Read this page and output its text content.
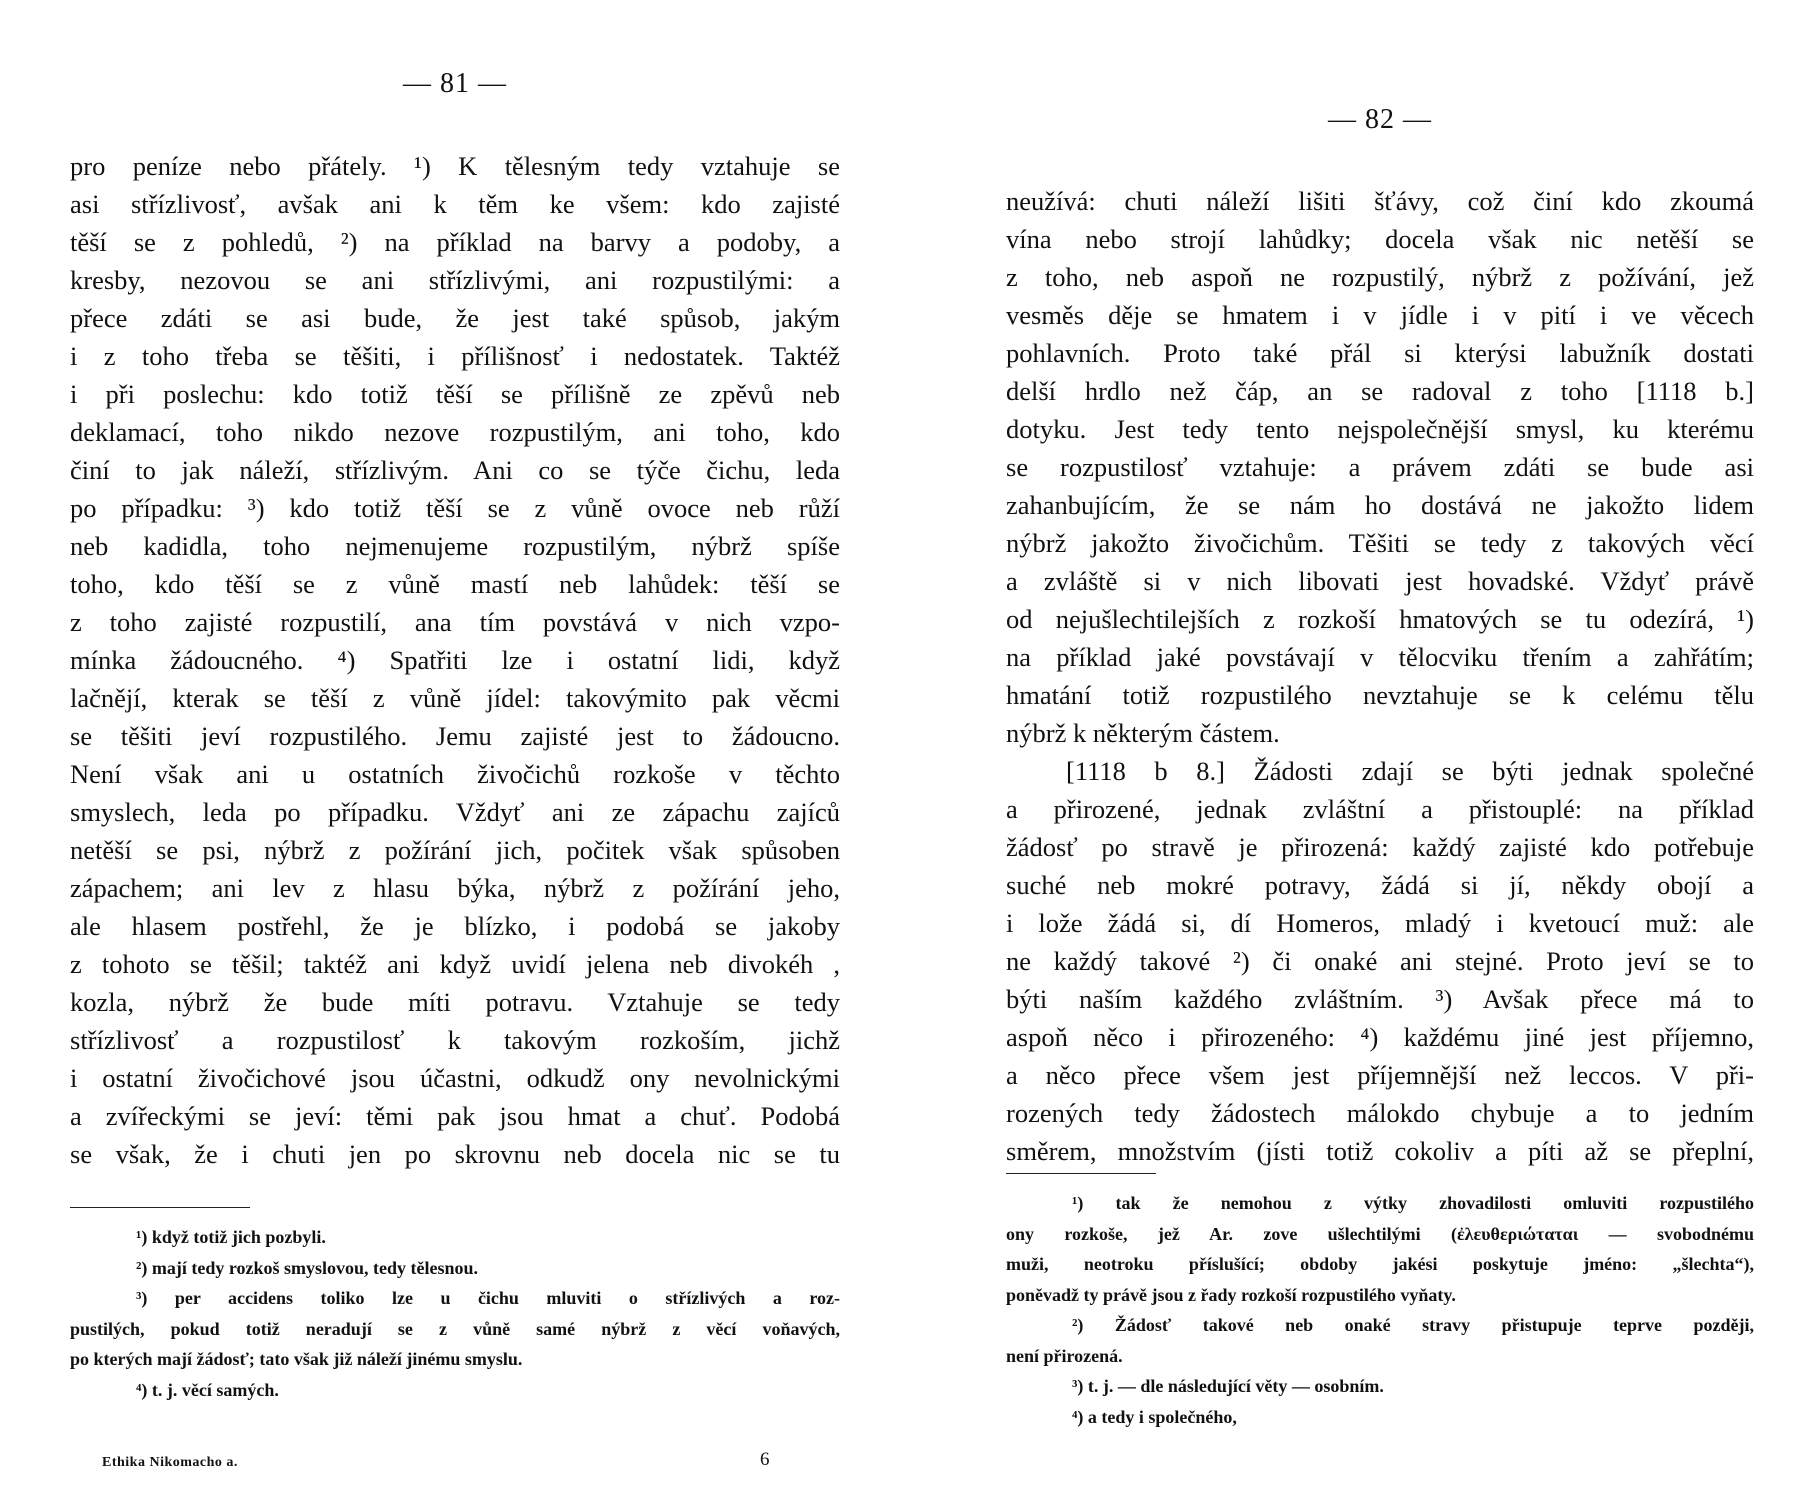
— 81 —
pro peníze nebo přátely. ¹) K tělesným tedy vztahuje se
asi střízlivosť, avšak ani k těm ke všem: kdo zajisté
těší se z pohledů, ²) na příklad na barvy a podoby, a
kresby, nezovou se ani střízlivými, ani rozpustilými: a
přece zdáti se asi bude, že jest také spůsob, jakým
i z toho třeba se těšiti, i přílišnosť i nedostatek. Taktéž
i při poslechu: kdo totiž těší se přílišně ze zpěvů neb
deklamací, toho nikdo nezove rozpustilým, ani toho, kdo
činí to jak náleží, střízlivým. Ani co se týče čichu, leda
po případku: ³) kdo totiž těší se z vůně ovoce neb růží
neb kadidla, toho nejmenujeme rozpustilým, nýbrž spíše
toho, kdo těší se z vůně mastí neb lahůdek: těší se
z toho zajisté rozpustilí, ana tím povstává v nich vzpo-
mínka žádoucného. ⁴) Spatřiti lze i ostatní lidi, když
lačnějí, kterak se těší z vůně jídel: takovýmito pak věcmi
se těšiti jeví rozpustilého. Jemu zajisté jest to žádoucno.
Není však ani u ostatních živočichů rozkoše v těchto
smyslech, leda po případku. Vždyť ani ze zápachu zajíců
netěší se psi, nýbrž z požírání jich, počitek však spůsoben
zápachem; ani lev z hlasu býka, nýbrž z požírání jeho,
ale hlasem postřehl, že je blízko, i podobá se jakoby
z tohoto se těšil; taktéž ani když uvidí jelena neb divokéh ,
kozla, nýbrž že bude míti potravu. Vztahuje se tedy
střízlivosť a rozpustilosť k takovým rozkoším, jichž
i ostatní živočichové jsou účastni, odkudž ony nevolnickými
a zvířeckými se jeví: těmi pak jsou hmat a chuť. Podobá
se však, že i chuti jen po skrovnu neb docela nic se tu
¹) když totiž jich pozbyli.
²) mají tedy rozkoš smyslovou, tedy tělesnou.
³) per accidens toliko lze u čichu mluviti o střízlivých a roz-
pustilých, pokud totiž neradují se z vůně samé nýbrž z věcí voňavých,
po kterých mají žádosť; tato však již náleží jinému smyslu.
⁴) t. j. věcí samých.
Ethika Nikomacho a.	6
— 82 —
neužívá: chuti náleží lišiti šťávy, což činí kdo zkoumá
vína nebo strojí lahůdky; docela však nic netěší se
z toho, neb aspoň ne rozpustilý, nýbrž z požívání, jež
vesměs děje se hmatem i v jídle i v pití i ve věcech
pohlavních. Proto také přál si kterýsi labužník dostati
delší hrdlo než čáp, an se radoval z toho [1118 b.]
dotyku. Jest tedy tento nejspolečnější smysl, ku kterému
se rozpustilosť vztahuje: a právem zdáti se bude asi
zahanbujícím, že se nám ho dostává ne jakožto lidem
nýbrž jakožto živočichům. Těšiti se tedy z takových věcí
a zvláště si v nich libovati jest hovadské. Vždyť právě
od nejušlechtilejších z rozkoší hmatových se tu odezírá, ¹)
na příklad jaké povstávají v tělocviku třením a zahřátím;
hmatání totiž rozpustilého nevztahuje se k celému tělu
nýbrž k některým částem.
[1118 b 8.] Žádosti zdají se býti jednak společné
a přirozené, jednak zvláštní a přistouplé: na příklad
žádosť po stravě je přirozená: každý zajisté kdo potřebuje
suché neb mokré potravy, žádá si jí, někdy obojí a
i lože žádá si, dí Homeros, mladý i kvetoucí muž: ale
ne každý takové ²) či onaké ani stejné. Proto jeví se to
býti naším každého zvláštním. ³) Avšak přece má to
aspoň něco i přirozeného: ⁴) každému jiné jest příjemno,
a něco přece všem jest příjemnější než leccos. V při-
rozených tedy žádostech málokdo chybuje a to jedním
směrem, množstvím (jísti totiž cokoliv a píti až se přeplní,
¹) tak že nemohou z výtky zhovadilosti omluviti rozpustilého
ony rozkoše, jež Ar. zove ušlechtilými (ἐλευθεριώταται — svobodnému
muži, neotroku příslušící; obdoby jakési poskytuje jméno: „šlechta“),
poněvadž ty právě jsou z řady rozkoší rozpustilého vyňaty.
²) Žádosť takové neb onaké stravy přistupuje teprve později,
není přirozená.
³) t. j. — dle následující věty — osobním.
⁴) a tedy i společného,
